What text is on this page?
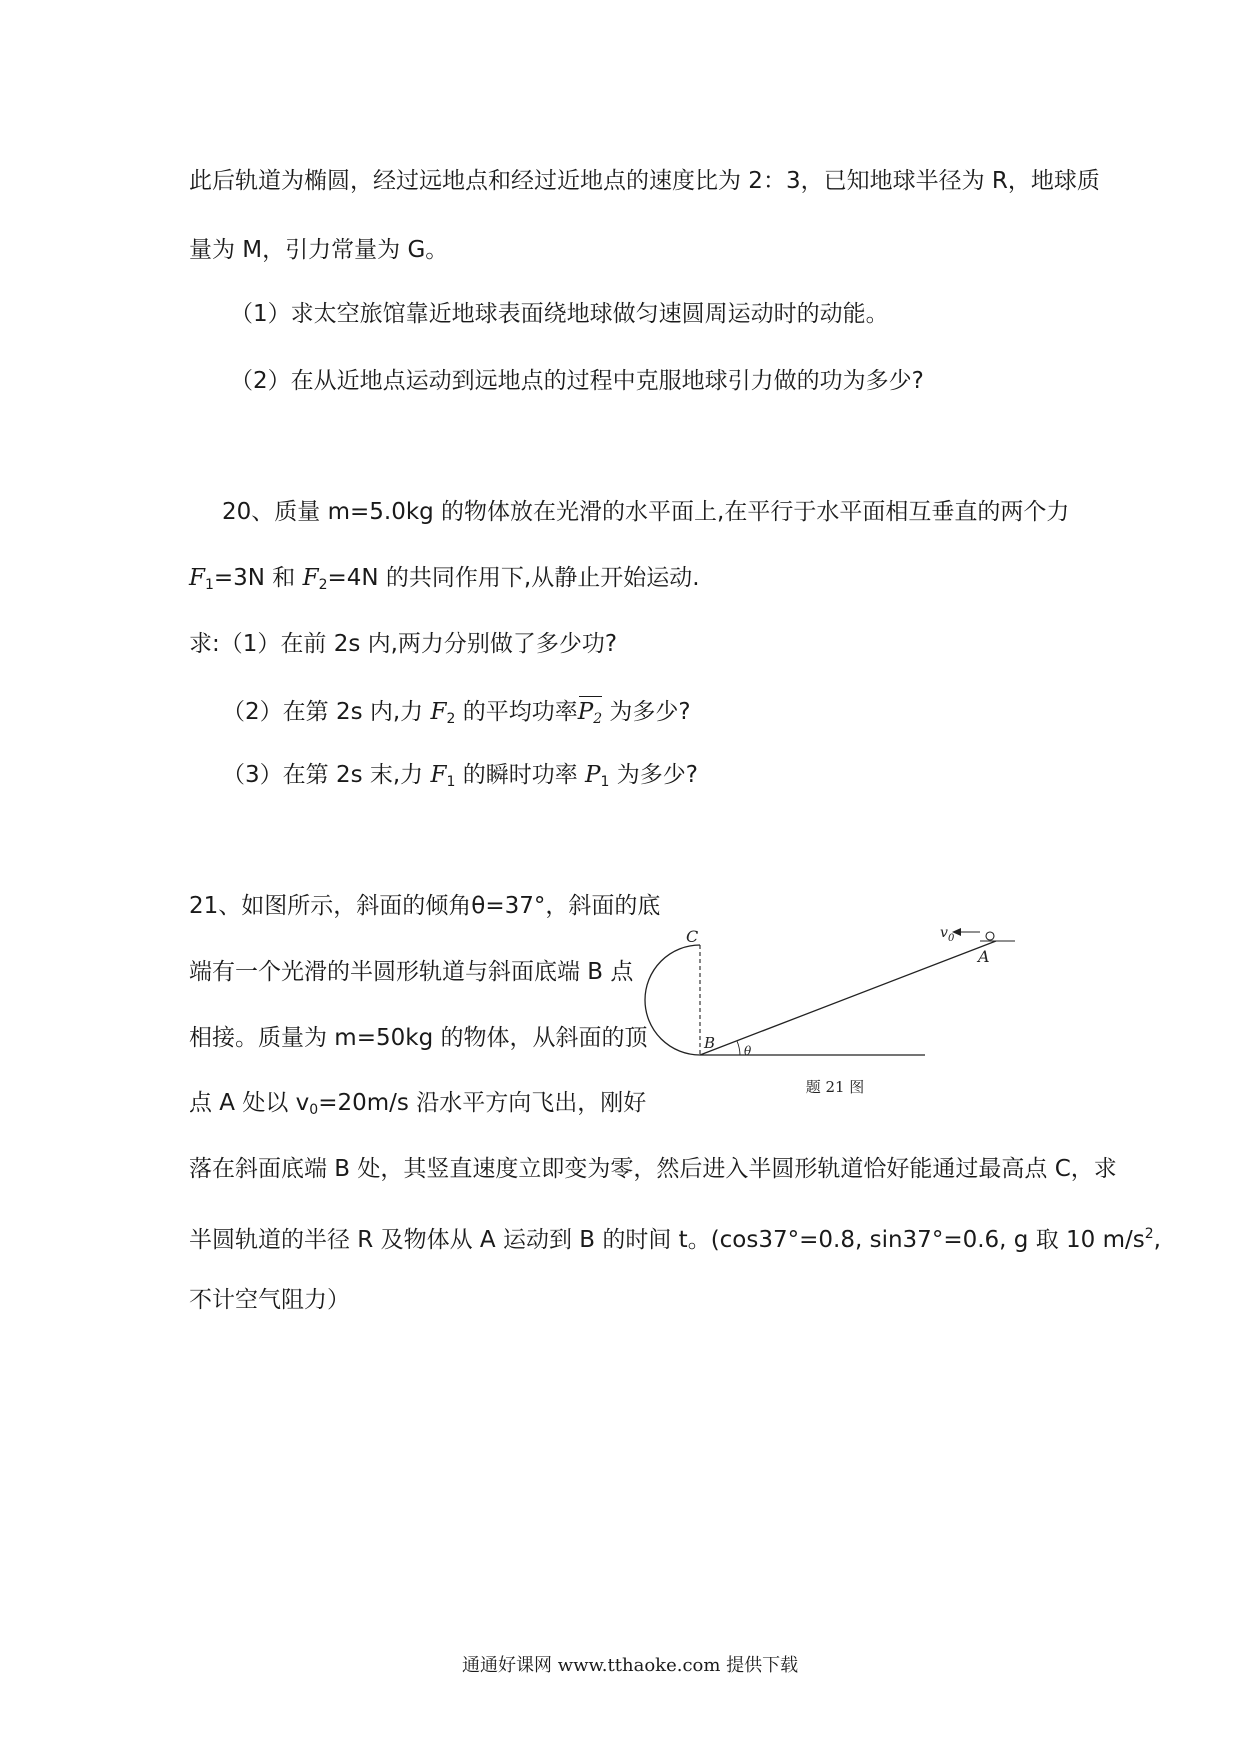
此后轨道为椭圆，经过远地点和经过近地点的速度比为 2：3，已知地球半径为 R，地球质
量为 M，引力常量为 G。
（1）求太空旅馆靠近地球表面绕地球做匀速圆周运动时的动能。
（2）在从近地点运动到远地点的过程中克服地球引力做的功为多少?
20、质量 m=5.0kg 的物体放在光滑的水平面上,在平行于水平面相互垂直的两个力
$F_1=3N$ 和 $F_2=4N$ 的共同作用下,从静止开始运动.
求:（1）在前 2s 内,两力分别做了多少功?
（2）在第 2s 内,力 $F_2$ 的平均功率$P_2$ 为多少?
（3）在第 2s 末,力 $F_1$ 的瞬时功率 $P_1$ 为多少?
21、如图所示，斜面的倾角θ=37°，斜面的底
端有一个光滑的半圆形轨道与斜面底端 B 点
相接。质量为 m=50kg 的物体，从斜面的顶
点 A 处以 $v_0=20m/s$ 沿水平方向飞出，刚好
落在斜面底端 B 处，其竖直速度立即变为零，然后进入半圆形轨道恰好能通过最高点 C，求
半圆轨道的半径 R 及物体从 A 运动到 B 的时间 t。(cos37°=0.8, sin37°=0.6, g 取 10 $m/s^2$,
不计空气阻力）
C
B
A
θ
v 0
题 21 图
通通好课网 www.tthaoke.com 提供下载
